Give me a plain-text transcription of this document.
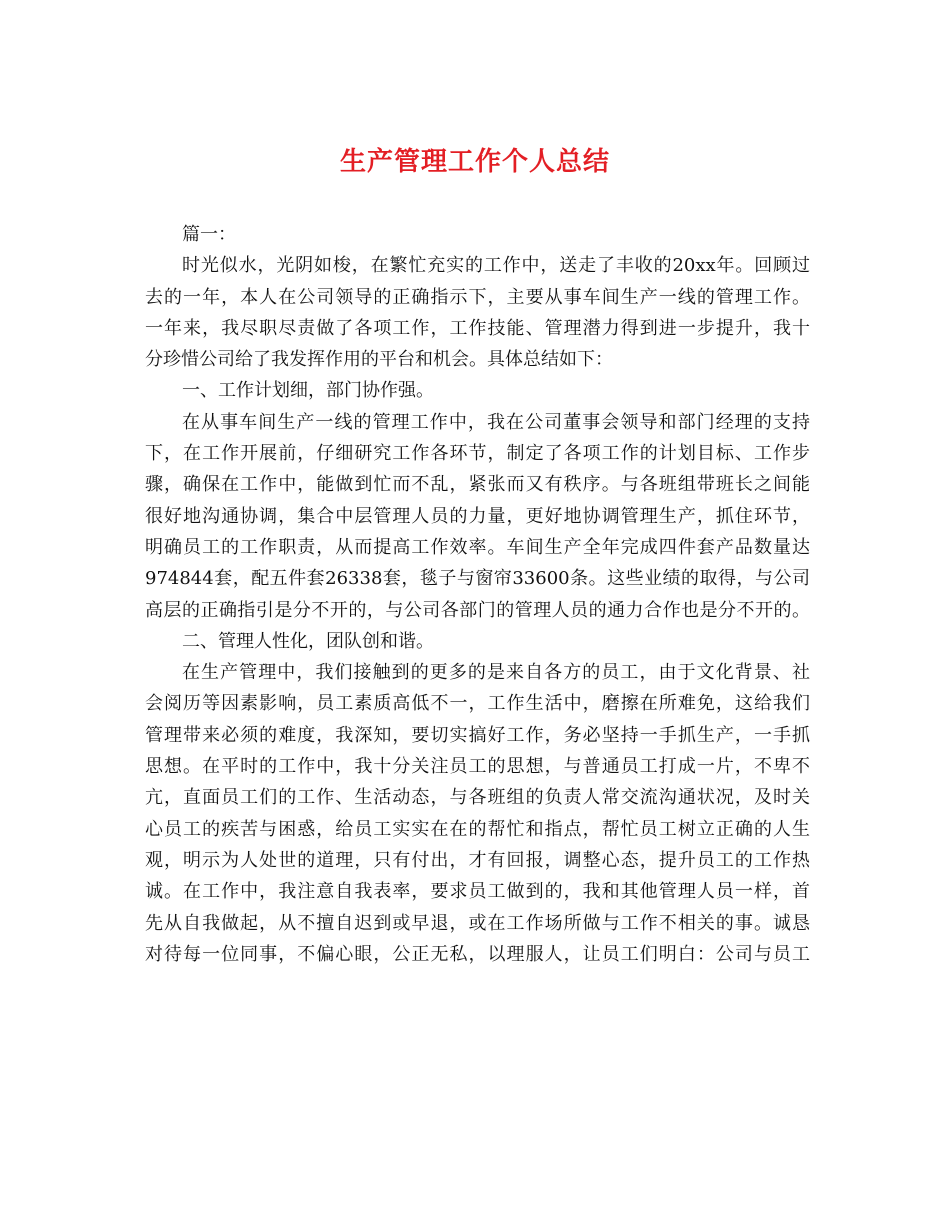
生产管理工作个人总结
篇一：
时光似水，光阴如梭，在繁忙充实的工作中，送走了丰收的20xx年。回顾过
去的一年，本人在公司领导的正确指示下，主要从事车间生产一线的管理工作。
一年来，我尽职尽责做了各项工作，工作技能、管理潜力得到进一步提升，我十
分珍惜公司给了我发挥作用的平台和机会。具体总结如下：
一、工作计划细，部门协作强。
在从事车间生产一线的管理工作中，我在公司董事会领导和部门经理的支持
下，在工作开展前，仔细研究工作各环节，制定了各项工作的计划目标、工作步
骤，确保在工作中，能做到忙而不乱，紧张而又有秩序。与各班组带班长之间能
很好地沟通协调，集合中层管理人员的力量，更好地协调管理生产，抓住环节，
明确员工的工作职责，从而提高工作效率。车间生产全年完成四件套产品数量达
974844套，配五件套26338套，毯子与窗帘33600条。这些业绩的取得，与公司
高层的正确指引是分不开的，与公司各部门的管理人员的通力合作也是分不开的。
二、管理人性化，团队创和谐。
在生产管理中，我们接触到的更多的是来自各方的员工，由于文化背景、社
会阅历等因素影响，员工素质高低不一，工作生活中，磨擦在所难免，这给我们
管理带来必须的难度，我深知，要切实搞好工作，务必坚持一手抓生产，一手抓
思想。在平时的工作中，我十分关注员工的思想，与普通员工打成一片，不卑不
亢，直面员工们的工作、生活动态，与各班组的负责人常交流沟通状况，及时关
心员工的疾苦与困惑，给员工实实在在的帮忙和指点，帮忙员工树立正确的人生
观，明示为人处世的道理，只有付出，才有回报，调整心态，提升员工的工作热
诚。在工作中，我注意自我表率，要求员工做到的，我和其他管理人员一样，首
先从自我做起，从不擅自迟到或早退，或在工作场所做与工作不相关的事。诚恳
对待每一位同事，不偏心眼，公正无私，以理服人，让员工们明白：公司与员工
